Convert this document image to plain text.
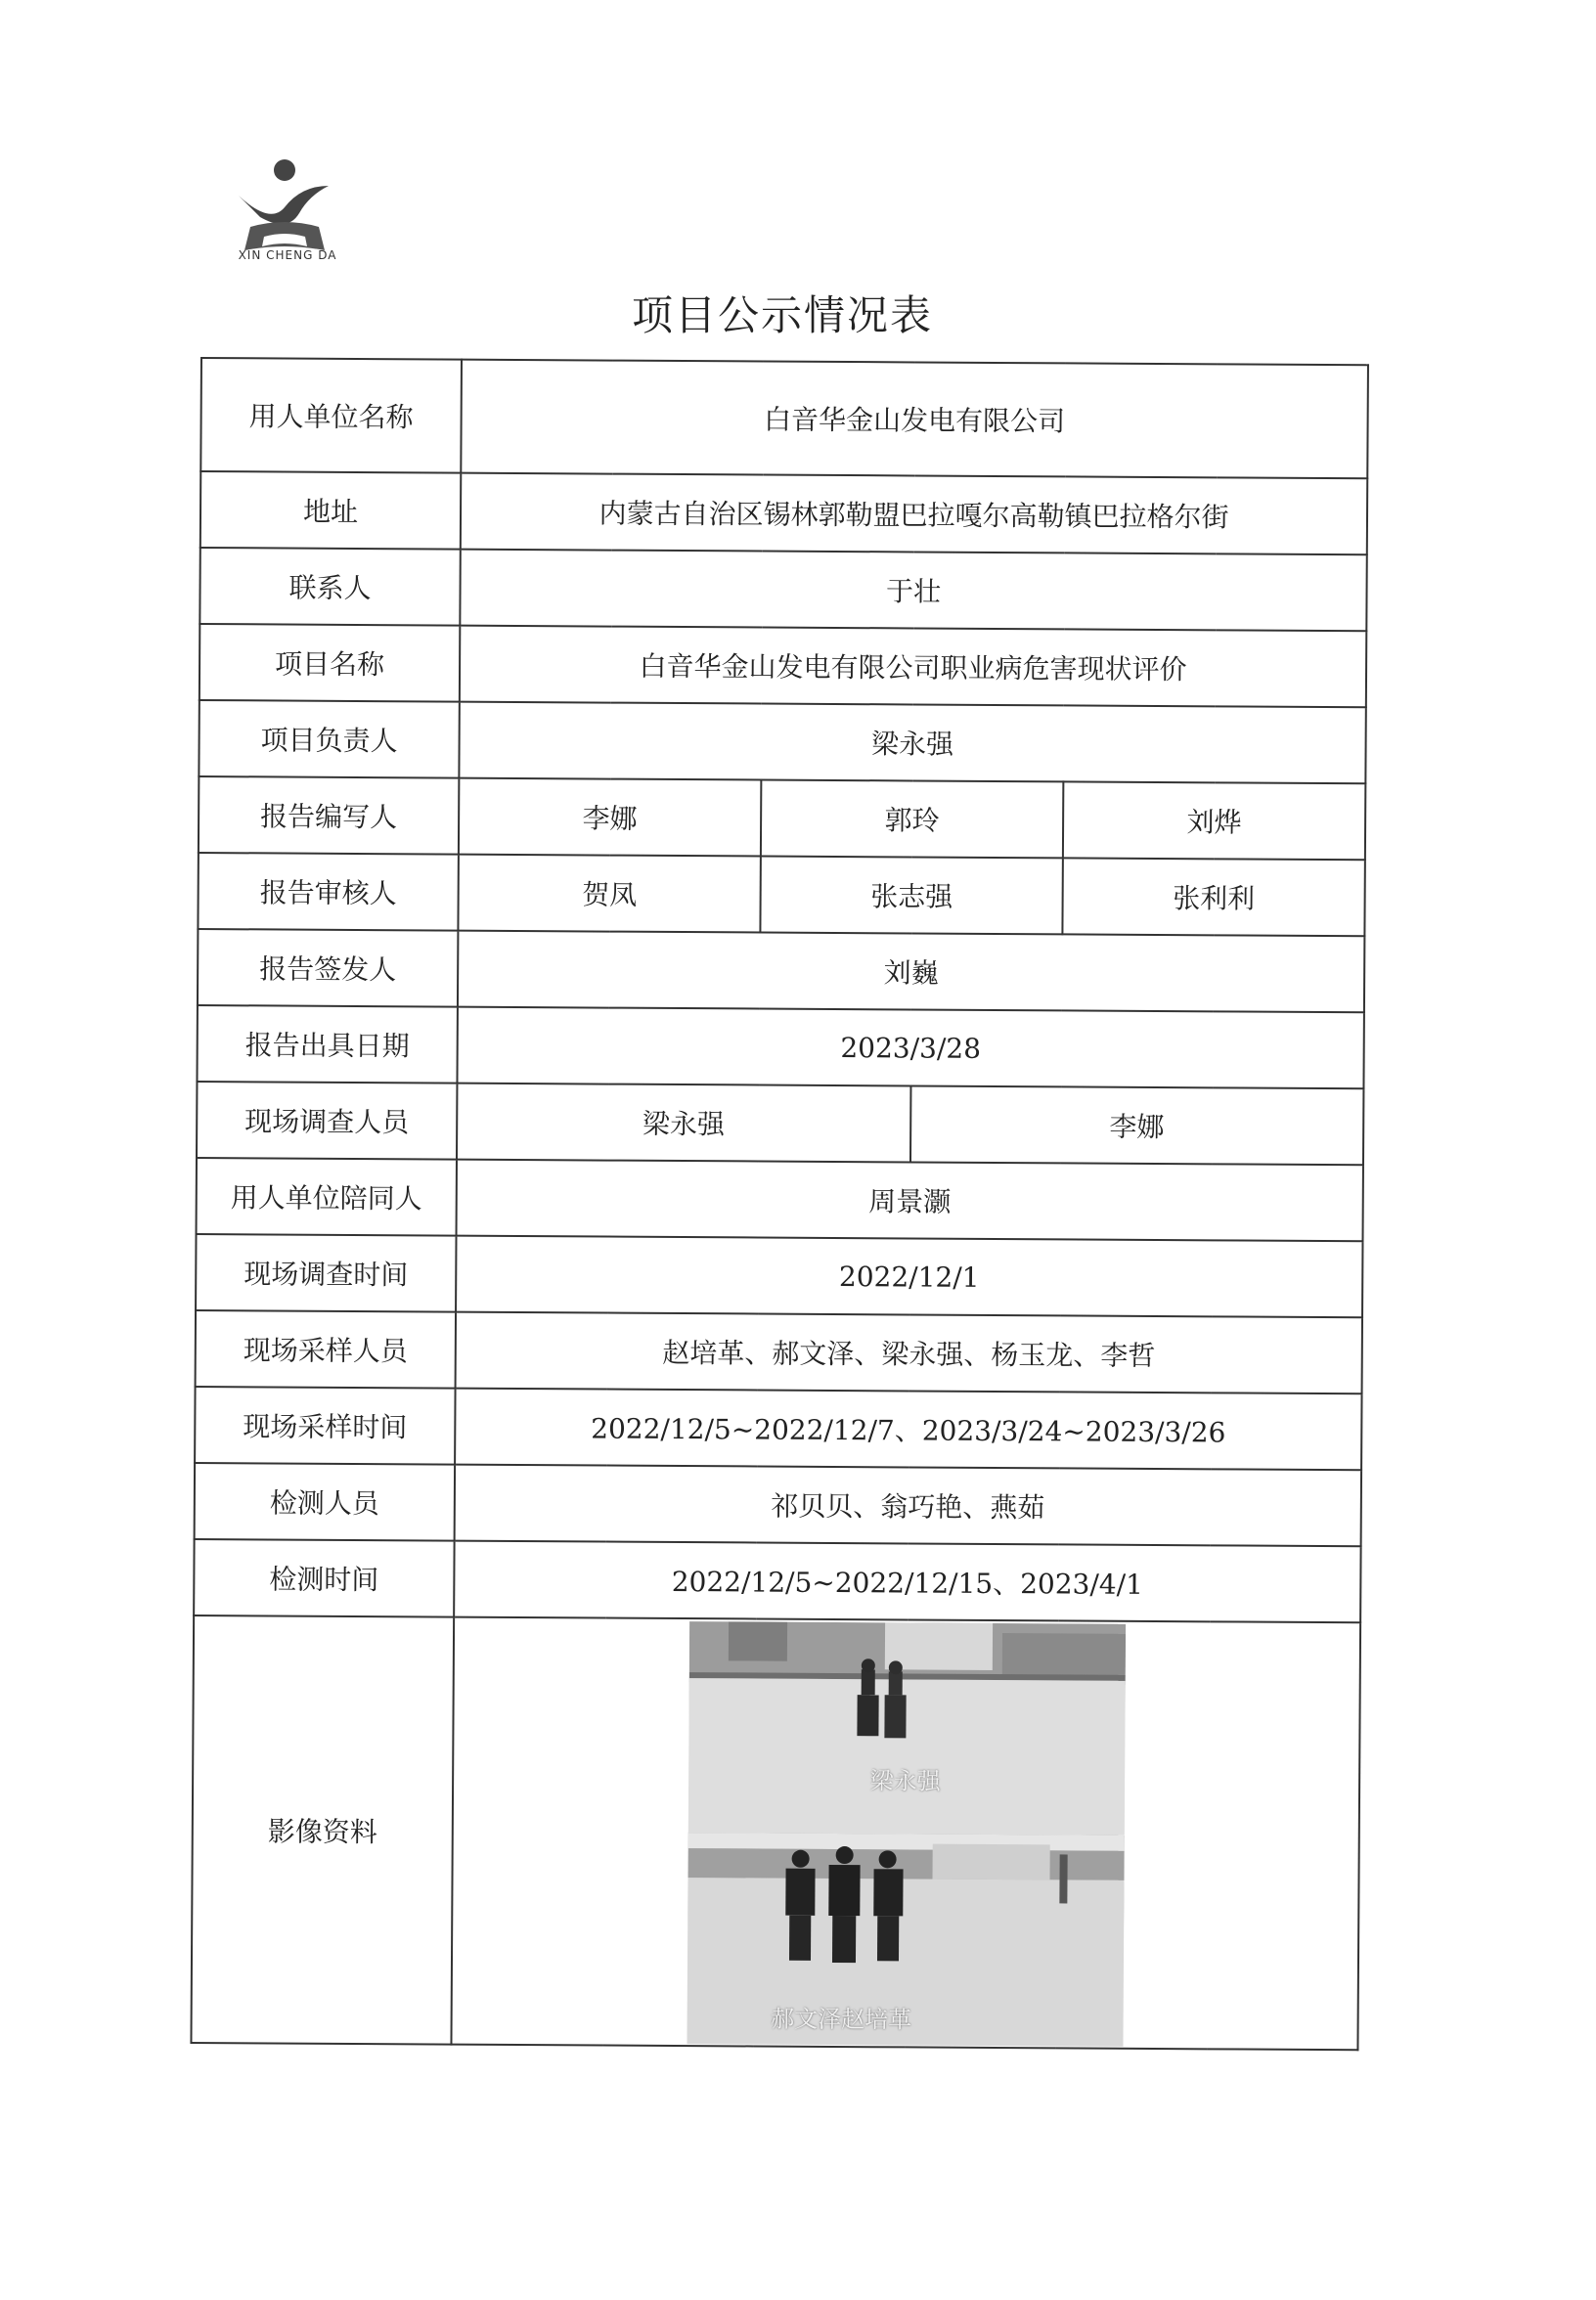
XIN CHENG DA
项目公示情况表
用人单位名称	白音华金山发电有限公司			
地址	内蒙古自治区锡林郭勒盟巴拉嘎尔高勒镇巴拉格尔街			
联系人	于壮			
项目名称	白音华金山发电有限公司职业病危害现状评价			
项目负责人	梁永强			
报告编写人	李娜	郭玲		刘烨
报告审核人	贺凤	张志强		张利利
报告签发人	刘巍			
报告出具日期	2023/3/28			
现场调查人员	梁永强		李娜	
用人单位陪同人	周景灏			
现场调查时间	2022/12/1			
现场采样人员	赵培革、郝文泽、梁永强、杨玉龙、李哲			
现场采样时间	2022/12/5~2022/12/7、2023/3/24~2023/3/26			
检测人员	祁贝贝、翁巧艳、燕茹			
检测时间	2022/12/5~2022/12/15、2023/4/1			
影像资料	梁永强
郝文泽赵培革			
